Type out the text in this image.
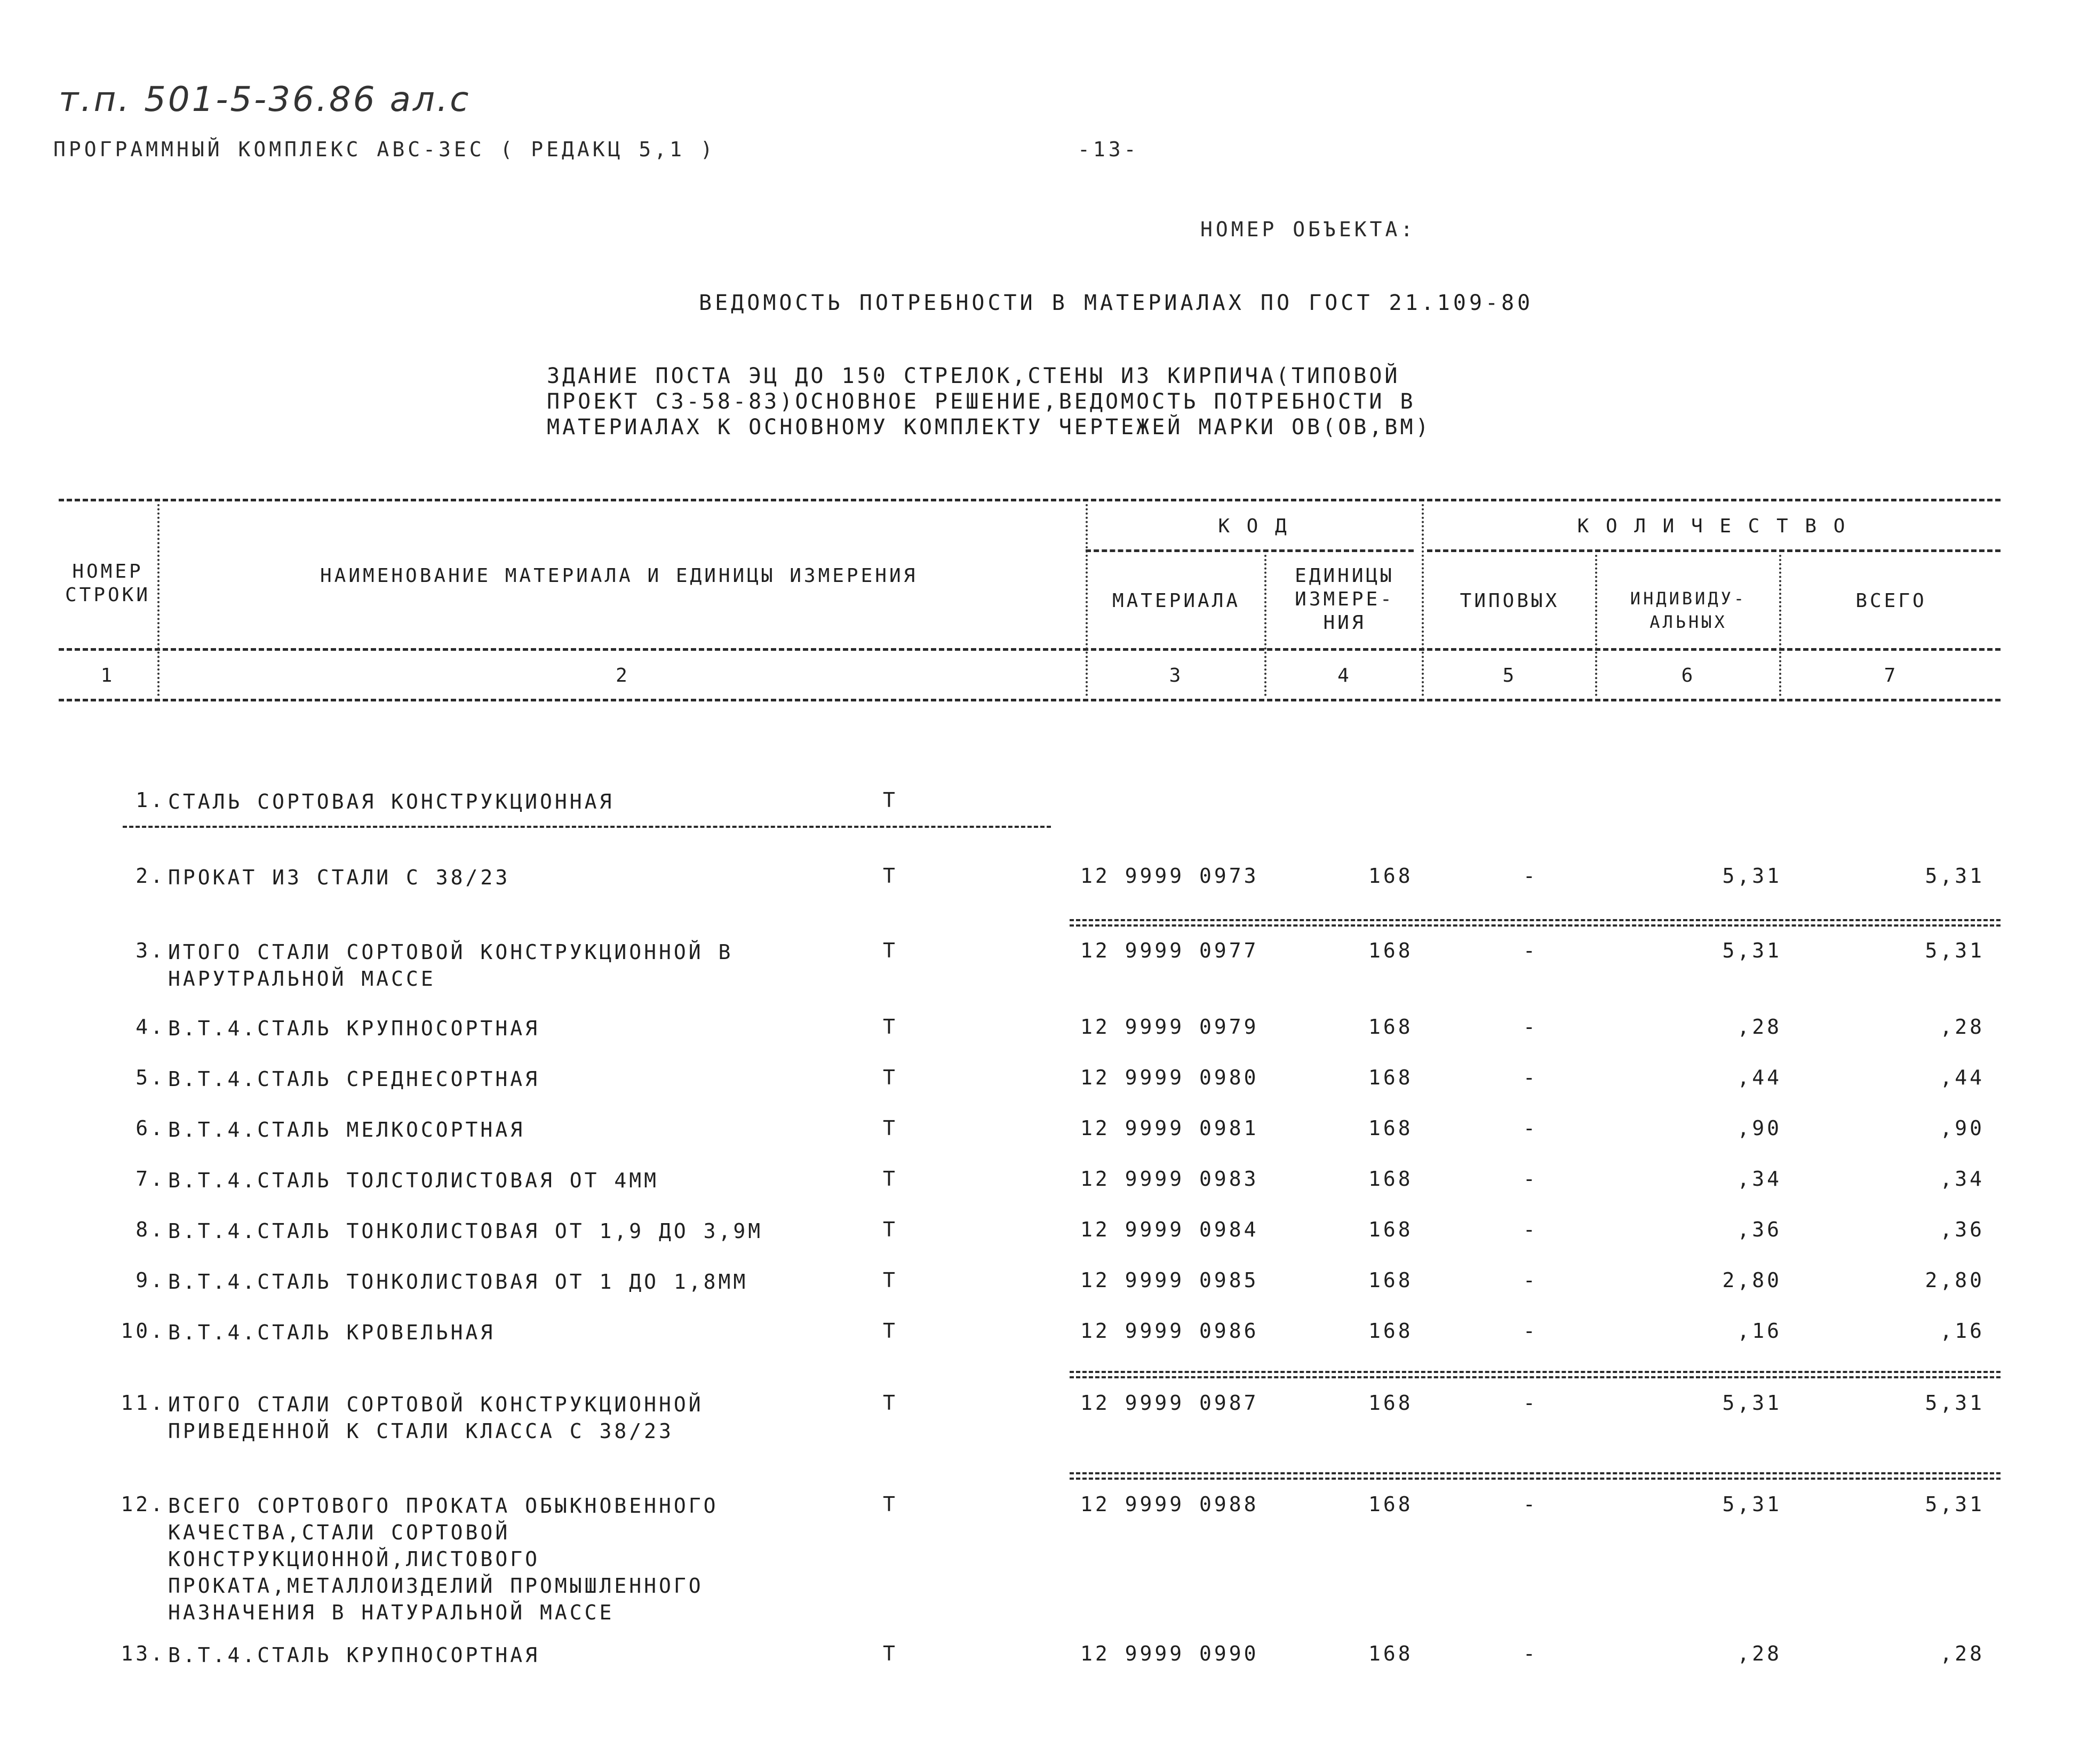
т.п. 501-5-36.86 ал.с
ПРОГРАММНЫЙ КОМПЛЕКС АВС-ЗЕС ( РЕДАКЦ 5,1 )	-13-
НОМЕР ОБЪЕКТА:
ВЕДОМОСТЬ ПОТРЕБНОСТИ В МАТЕРИАЛАХ ПО ГОСТ 21.109-80
ЗДАНИЕ ПОСТА ЭЦ ДО 150 СТРЕЛОК,СТЕНЫ ИЗ КИРПИЧА(ТИПОВОЙ
ПРОЕКТ С3-58-83)ОСНОВНОЕ РЕШЕНИЕ,ВЕДОМОСТЬ ПОТРЕБНОСТИ В
МАТЕРИАЛАХ К ОСНОВНОМУ КОМПЛЕКТУ ЧЕРТЕЖЕЙ МАРКИ ОВ(ОВ,ВМ)
НОМЕР СТРОКИ
НАИМЕНОВАНИЕ МАТЕРИАЛА И ЕДИНИЦЫ ИЗМЕРЕНИЯ
К О Д
МАТЕРИАЛА
ЕДИНИЦЫ ИЗМЕРЕ- НИЯ
К О Л И Ч Е С Т В О
ТИПОВЫХ	ИНДИВИДУ- АЛЬНЫХ
ВСЕГО
1	2	3	4	5	6	7
1. СТАЛЬ СОРТОВАЯ КОНСТРУКЦИОННАЯ	Т
2. ПРОКАТ ИЗ СТАЛИ С 38/23	Т	12 9999 0973	168	-	5,31	5,31
3. ИТОГО СТАЛИ СОРТОВОЙ КОНСТРУКЦИОННОЙ В НАРУТРАЛЬНОЙ МАССЕ
Т	12 9999 0977	168	-	5,31	5,31
4. В.Т.4.СТАЛЬ КРУПНОСОРТНАЯ	Т	12 9999 0979	168	-	,28	,28
5. В.Т.4.СТАЛЬ СРЕДНЕСОРТНАЯ	Т	12 9999 0980	168	-	,44	,44
6. В.Т.4.СТАЛЬ МЕЛКОСОРТНАЯ	Т	12 9999 0981	168	-	,90	,90
7. В.Т.4.СТАЛЬ ТОЛСТОЛИСТОВАЯ ОТ 4ММ	Т	12 9999 0983	168	-	,34	,34
8. В.Т.4.СТАЛЬ ТОНКОЛИСТОВАЯ ОТ 1,9 ДО 3,9М	Т	12 9999 0984	168	-	,36	,36
9. В.Т.4.СТАЛЬ ТОНКОЛИСТОВАЯ ОТ 1 ДО 1,8ММ	Т	12 9999 0985	168	-	2,80	2,80
10. В.Т.4.СТАЛЬ КРОВЕЛЬНАЯ	Т	12 9999 0986	168	-	,16	,16
11. ИТОГО СТАЛИ СОРТОВОЙ КОНСТРУКЦИОННОЙ ПРИВЕДЕННОЙ К СТАЛИ КЛАССА С 38/23
Т	12 9999 0987	168	-	5,31	5,31
12. ВСЕГО СОРТОВОГО ПРОКАТА ОБЫКНОВЕННОГО КАЧЕСТВА,СТАЛИ СОРТОВОЙ КОНСТРУКЦИОННОЙ,ЛИСТОВОГО ПРОКАТА,МЕТАЛЛОИЗДЕЛИЙ ПРОМЫШЛЕННОГО НАЗНАЧЕНИЯ В НАТУРАЛЬНОЙ МАССЕ
Т	12 9999 0988	168	-	5,31	5,31
13. В.Т.4.СТАЛЬ КРУПНОСОРТНАЯ	Т	12 9999 0990	168	-	,28	,28
